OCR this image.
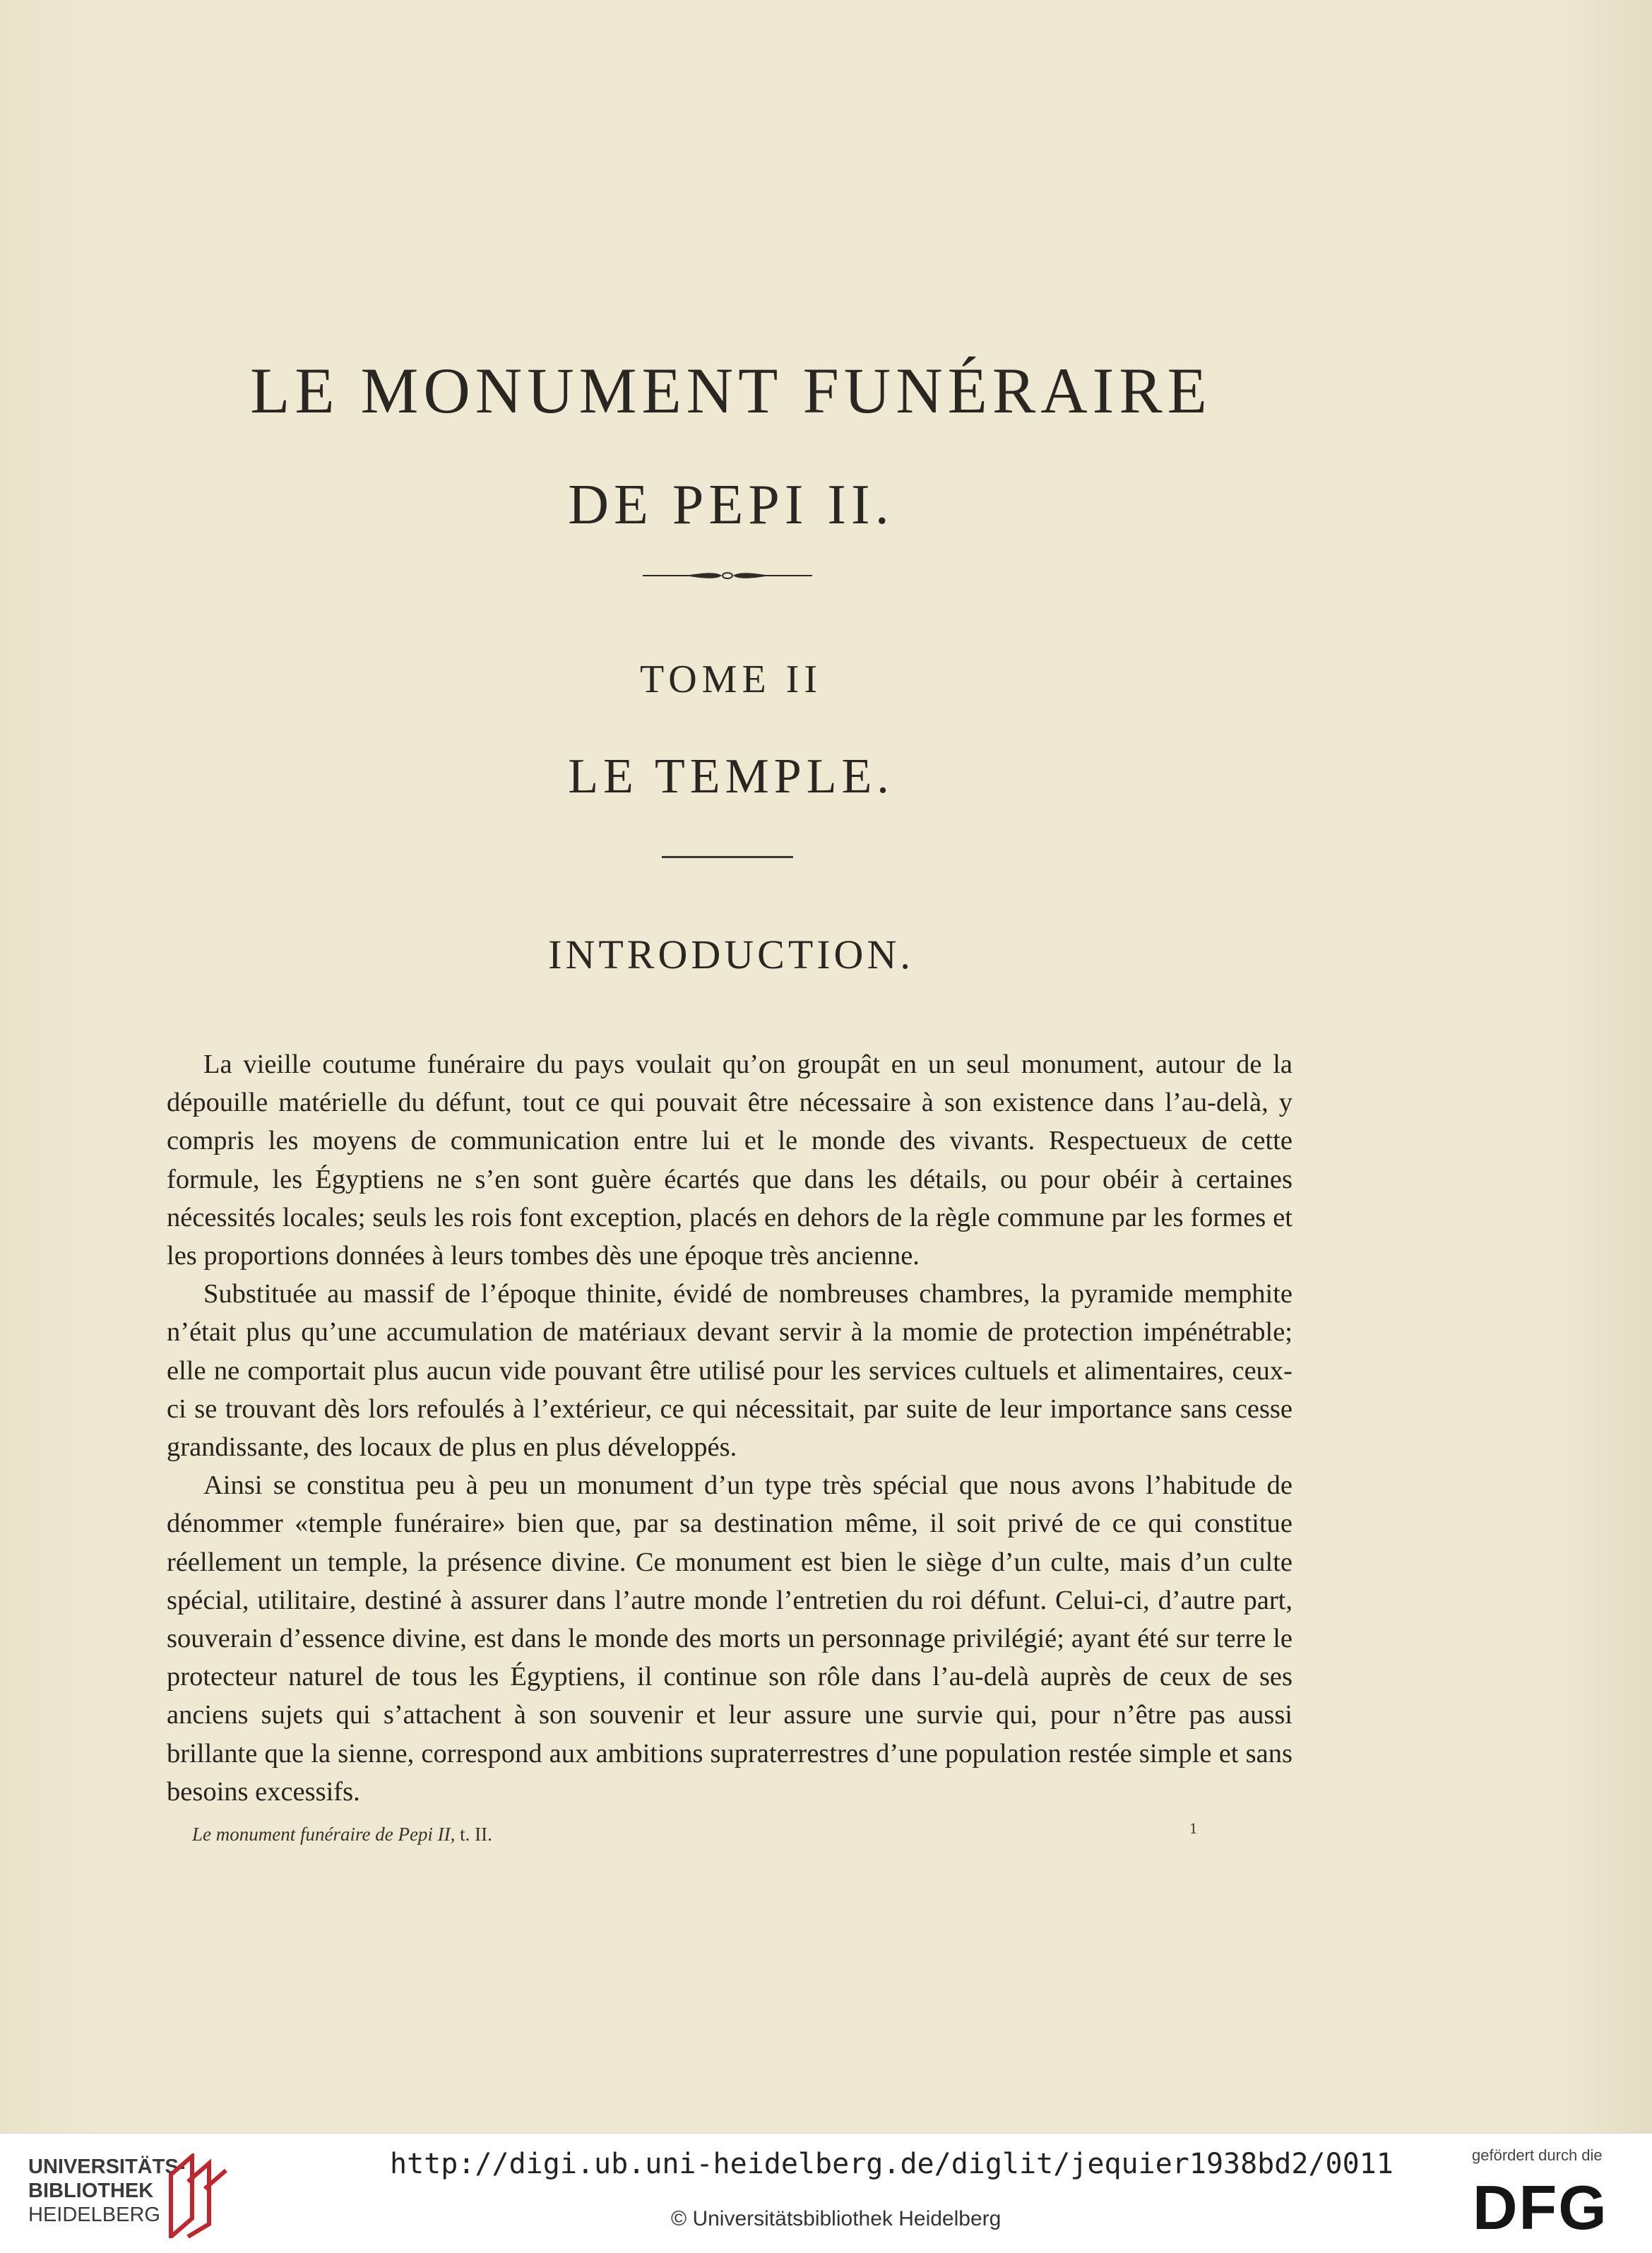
LE MONUMENT FUNÉRAIRE
DE PEPI II.
TOME II
LE TEMPLE.
INTRODUCTION.

La vieille coutume funéraire du pays voulait qu’on groupât en un seul monument, autour de la dépouille matérielle du défunt, tout ce qui pouvait être nécessaire à son existence dans l’au-delà, y compris les moyens de communication entre lui et le monde des vivants. Respectueux de cette formule, les Égyptiens ne s’en sont guère écartés que dans les détails, ou pour obéir à certaines nécessités locales; seuls les rois font exception, placés en dehors de la règle commune par les formes et les proportions données à leurs tombes dès une époque très ancienne.

Substituée au massif de l’époque thinite, évidé de nombreuses chambres, la pyramide memphite n’était plus qu’une accumulation de matériaux devant servir à la momie de protection impénétrable; elle ne comportait plus aucun vide pouvant être utilisé pour les services cultuels et alimentaires, ceux-ci se trouvant dès lors refoulés à l’extérieur, ce qui nécessitait, par suite de leur importance sans cesse grandissante, des locaux de plus en plus développés.

Ainsi se constitua peu à peu un monument d’un type très spécial que nous avons l’habitude de dénommer «temple funéraire» bien que, par sa destination même, il soit privé de ce qui constitue réellement un temple, la présence divine. Ce monument est bien le siège d’un culte, mais d’un culte spécial, utilitaire, destiné à assurer dans l’autre monde l’entretien du roi défunt. Celui-ci, d’autre part, souverain d’essence divine, est dans le monde des morts un personnage privilégié; ayant été sur terre le protecteur naturel de tous les Égyptiens, il continue son rôle dans l’au-delà auprès de ceux de ses anciens sujets qui s’attachent à son souvenir et leur assure une survie qui, pour n’être pas aussi brillante que la sienne, correspond aux ambitions supraterrestres d’une population restée simple et sans besoins excessifs.

Le monument funéraire de Pepi II, t. II.	1
UNIVERSITÄTS-
BIBLIOTHEK
HEIDELBERG
http://digi.ub.uni-heidelberg.de/diglit/jequier1938bd2/0011
© Universitätsbibliothek Heidelberg
gefördert durch die
DFG
